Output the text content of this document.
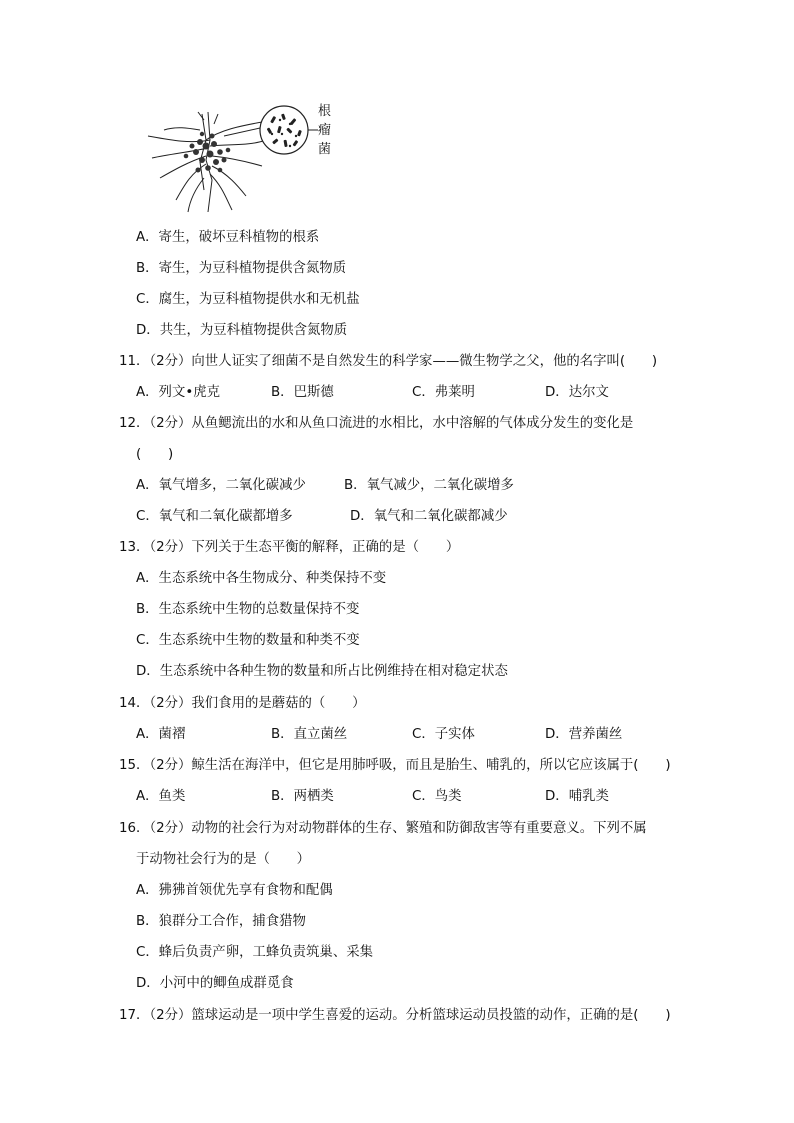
根
瘤
菌
A．寄生，破坏豆科植物的根系
B．寄生，为豆科植物提供含氮物质
C．腐生，为豆科植物提供水和无机盐
D．共生，为豆科植物提供含氮物质
11．（2分）向世人证实了细菌不是自然发生的科学家——微生物学之父，他的名字叫(　　)
A．列文•虎克	B．巴斯德	C．弗莱明	D．达尔文
12．（2分）从鱼鳃流出的水和从鱼口流进的水相比，水中溶解的气体成分发生的变化是
(　　)
A．氧气增多，二氧化碳减少	B．氧气减少，二氧化碳增多
C．氧气和二氧化碳都增多	D．氧气和二氧化碳都减少
13．（2分）下列关于生态平衡的解释，正确的是（　　）
A．生态系统中各生物成分、种类保持不变
B．生态系统中生物的总数量保持不变
C．生态系统中生物的数量和种类不变
D．生态系统中各种生物的数量和所占比例维持在相对稳定状态
14．（2分）我们食用的是蘑菇的（　　）
A．菌褶	B．直立菌丝	C．子实体	D．营养菌丝
15．（2分）鲸生活在海洋中，但它是用肺呼吸，而且是胎生、哺乳的，所以它应该属于(　　)
A．鱼类	B．两栖类	C．鸟类	D．哺乳类
16．（2分）动物的社会行为对动物群体的生存、繁殖和防御敌害等有重要意义。下列不属
于动物社会行为的是（　　）
A．狒狒首领优先享有食物和配偶
B．狼群分工合作，捕食猎物
C．蜂后负责产卵，工蜂负责筑巢、采集
D．小河中的鲫鱼成群觅食
17．（2分）篮球运动是一项中学生喜爱的运动。分析篮球运动员投篮的动作，正确的是(　　)
